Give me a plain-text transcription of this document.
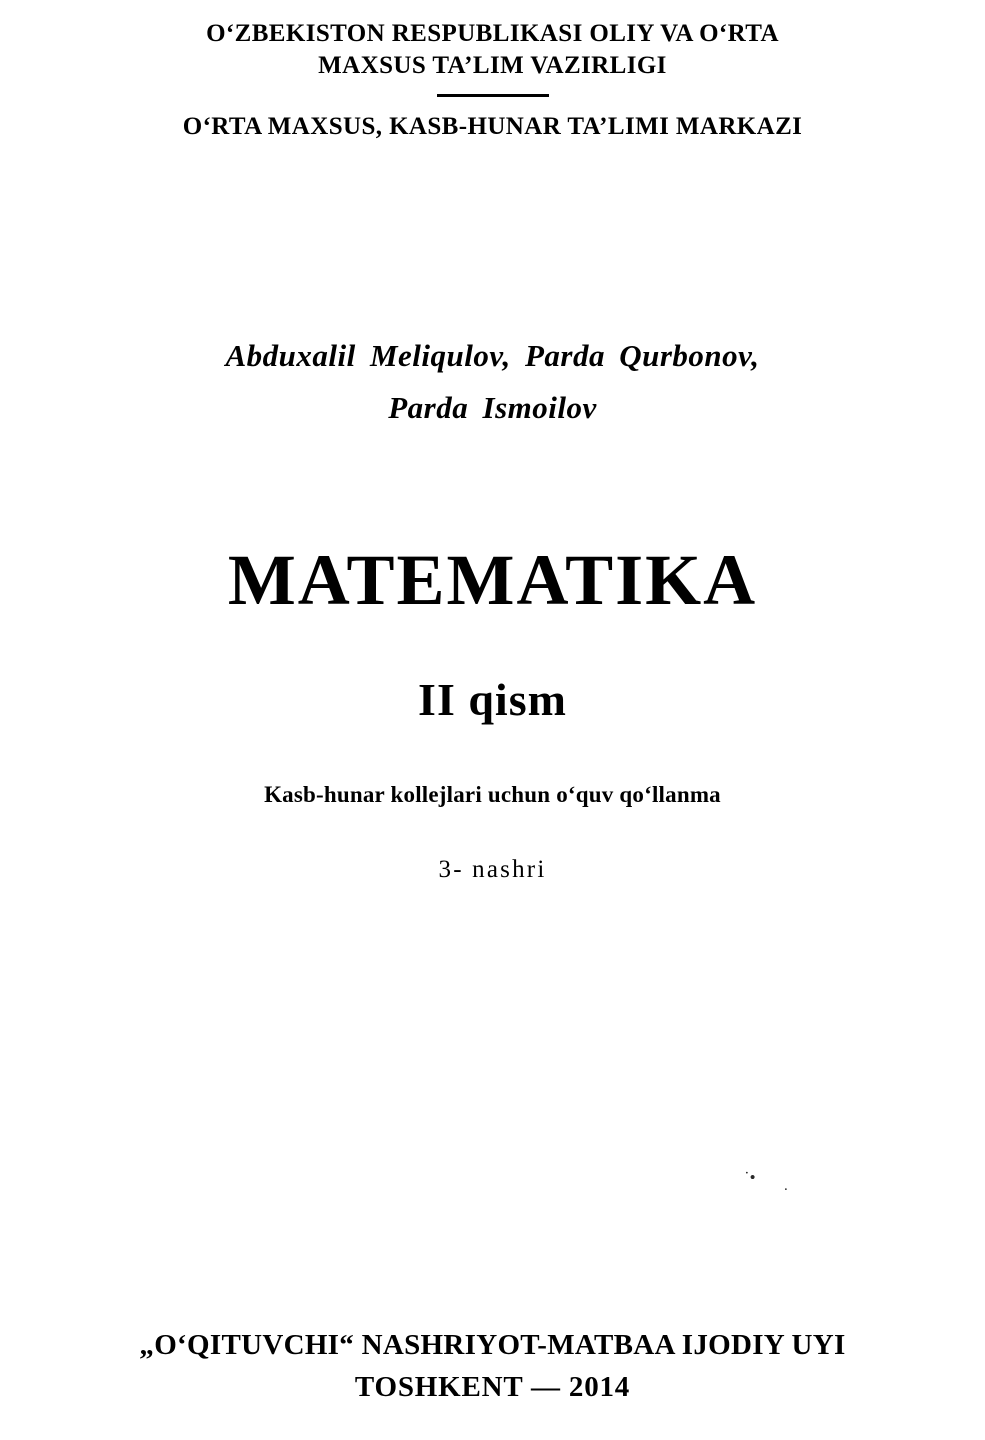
O‘ZBEKISTON RESPUBLIKASI OLIY VA O‘RTA
MAXSUS TA’LIM VAZIRLIGI
O‘RTA MAXSUS, KASB-HUNAR TA’LIMI MARKAZI
Abduxalil Meliqulov, Parda Qurbonov,
Parda Ismoilov
MATEMATIKA
II qism
Kasb-hunar kollejlari uchun o‘quv qo‘llanma
3- nashri
˙• .
„O‘QITUVCHI“ NASHRIYOT-MATBAA IJODIY UYI
TOSHKENT — 2014
